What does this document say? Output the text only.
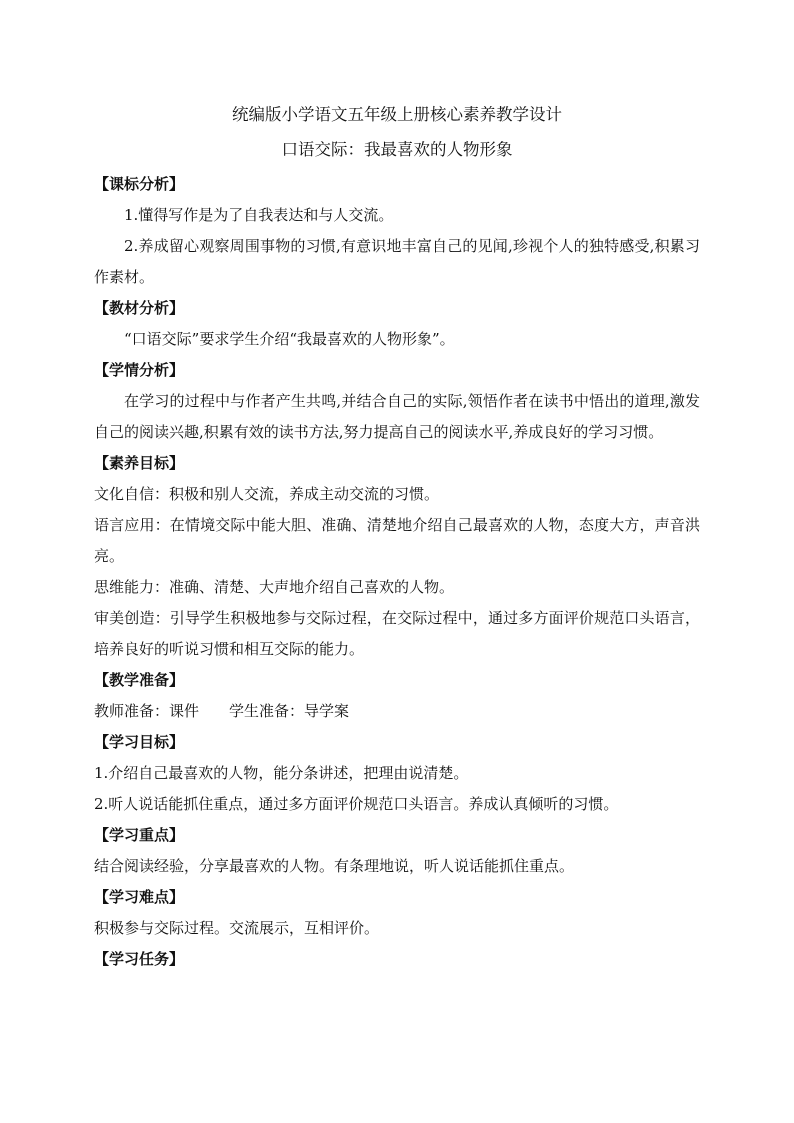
统编版小学语文五年级上册核心素养教学设计
口语交际：我最喜欢的人物形象
【课标分析】

1.懂得写作是为了自我表达和与人交流。

2.养成留心观察周围事物的习惯,有意识地丰富自己的见闻,珍视个人的独特感受,积累习作素材。

【教材分析】

“口语交际”要求学生介绍“我最喜欢的人物形象”。

【学情分析】

在学习的过程中与作者产生共鸣,并结合自己的实际,领悟作者在读书中悟出的道理,激发自己的阅读兴趣,积累有效的读书方法,努力提高自己的阅读水平,养成良好的学习习惯。

【素养目标】

文化自信：积极和别人交流，养成主动交流的习惯。

语言应用：在情境交际中能大胆、准确、清楚地介绍自己最喜欢的人物，态度大方，声音洪亮。

思维能力：准确、清楚、大声地介绍自己喜欢的人物。

审美创造：引导学生积极地参与交际过程，在交际过程中，通过多方面评价规范口头语言，培养良好的听说习惯和相互交际的能力。

【教学准备】

教师准备：课件 学生准备：导学案

【学习目标】

1.介绍自己最喜欢的人物，能分条讲述，把理由说清楚。

2.听人说话能抓住重点，通过多方面评价规范口头语言。养成认真倾听的习惯。

【学习重点】

结合阅读经验，分享最喜欢的人物。有条理地说，听人说话能抓住重点。

【学习难点】

积极参与交际过程。交流展示，互相评价。

【学习任务】
